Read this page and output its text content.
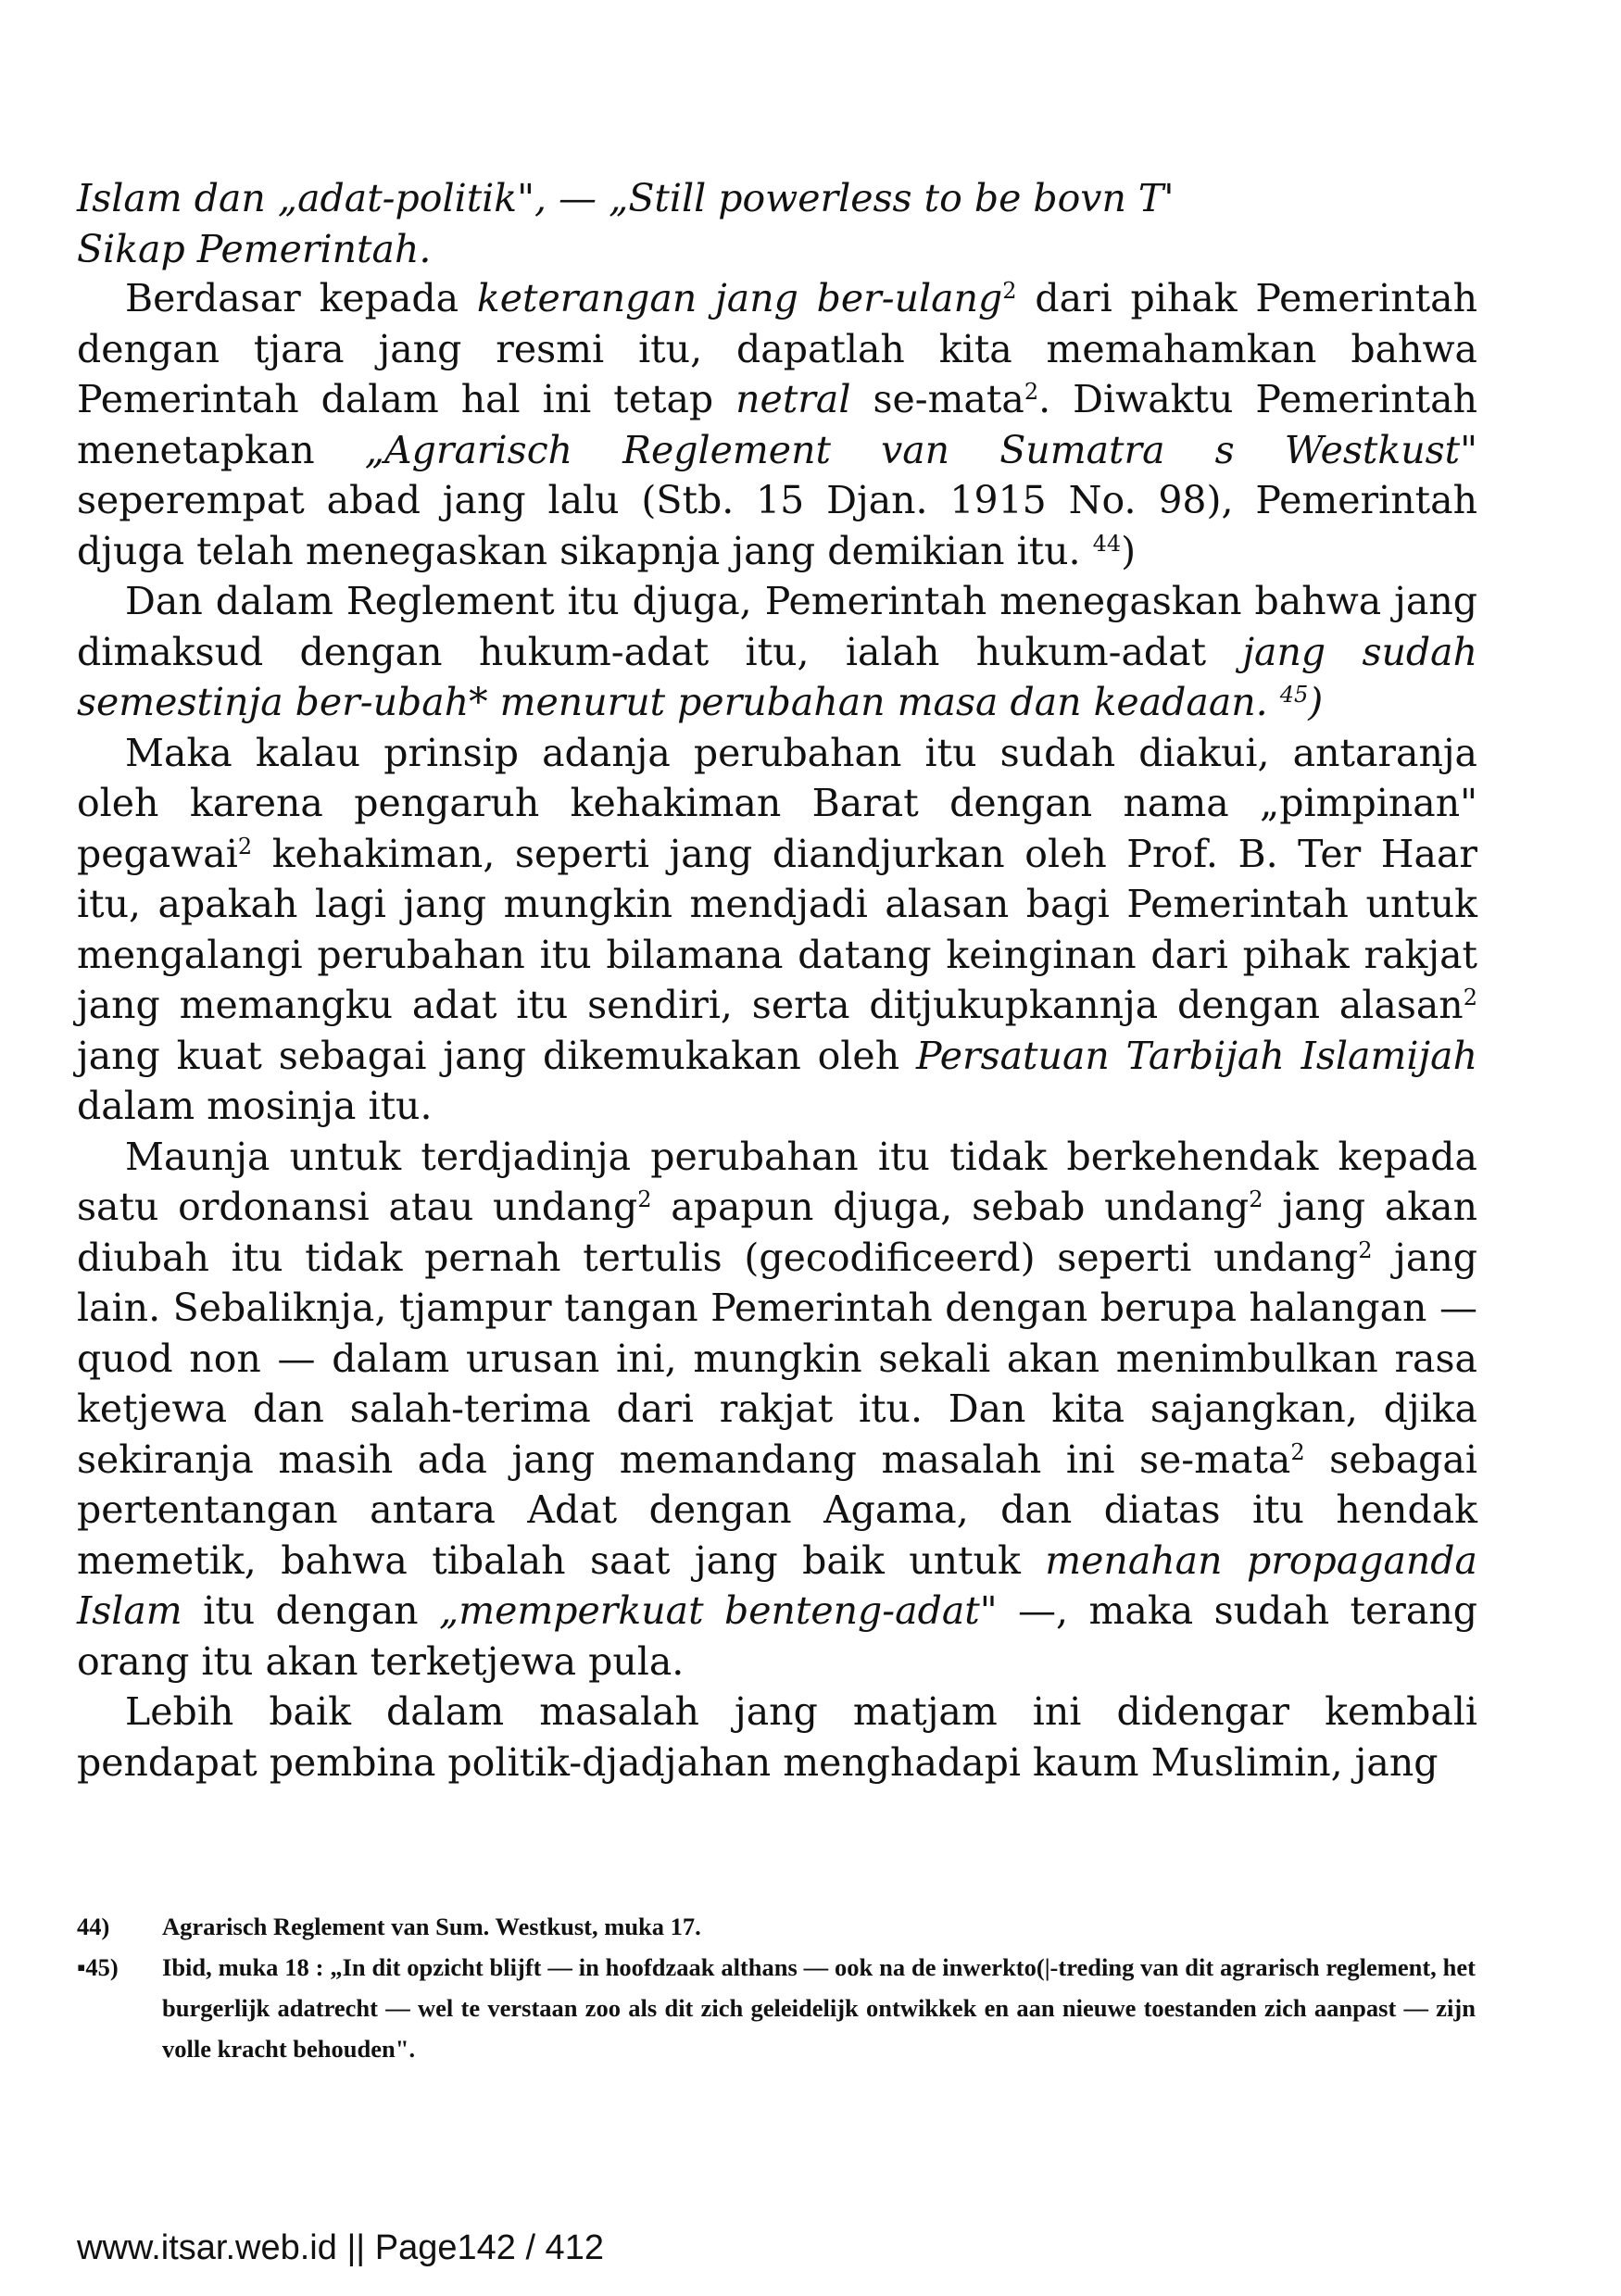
Islam dan „adat-politik", — „Still powerless to be bovn T'
Sikap Pemerintah.

Berdasar kepada keterangan jang ber-ulang$^2$ dari pihak Pemerintah dengan tjara jang resmi itu, dapatlah kita memahamkan bahwa Pemerintah dalam hal ini tetap netral se-mata$^2$. Diwaktu Pemerintah menetapkan „Agrarisch Reglement van Sumatra s Westkust" seperempat abad jang lalu (Stb. 15 Djan. 1915 No. 98), Pemerintah djuga telah menegaskan sikapnja jang demikian itu. $^{44}$)

Dan dalam Reglement itu djuga, Pemerintah menegaskan bahwa jang dimaksud dengan hukum-adat itu, ialah hukum-adat jang sudah semestinja ber-ubah* menurut perubahan masa dan keadaan. $^{45}$)

Maka kalau prinsip adanja perubahan itu sudah diakui, antaranja oleh karena pengaruh kehakiman Barat dengan nama „pimpinan" pegawai$^2$ kehakiman, seperti jang diandjurkan oleh Prof. B. Ter Haar itu, apakah lagi jang mungkin mendjadi alasan bagi Pemerintah untuk mengalangi perubahan itu bilamana datang keinginan dari pihak rakjat jang memangku adat itu sendiri, serta ditjukupkannja dengan alasan$^2$ jang kuat sebagai jang dikemukakan oleh Persatuan Tarbijah Islamijah dalam mosinja itu.

Maunja untuk terdjadinja perubahan itu tidak berkehendak kepada satu ordonansi atau undang$^2$ apapun djuga, sebab undang$^2$ jang akan diubah itu tidak pernah tertulis (gecodificeerd) seperti undang$^2$ jang lain. Sebaliknja, tjampur tangan Pemerintah dengan berupa halangan — quod non — dalam urusan ini, mungkin sekali akan menimbulkan rasa ketjewa dan salah-terima dari rakjat itu. Dan kita sajangkan, djika sekiranja masih ada jang memandang masalah ini se-mata$^2$ sebagai pertentangan antara Adat dengan Agama, dan diatas itu hendak memetik, bahwa tibalah saat jang baik untuk menahan propaganda Islam itu dengan „memperkuat benteng-adat" —, maka sudah terang orang itu akan terketjewa pula.

Lebih baik dalam masalah jang matjam ini didengar kembali pendapat pembina politik-djadjahan menghadapi kaum Muslimin, jang

44) Agrarisch Reglement van Sum. Westkust, muka 17.
▪45) Ibid, muka 18 : „In dit opzicht blijft — in hoofdzaak althans — ook na de inwerkto(|-treding van dit agrarisch reglement, het burgerlijk adatrecht — wel te verstaan zoo als dit zich geleidelijk ontwikkek en aan nieuwe toestanden zich aanpast — zijn volle kracht behouden".
www.itsar.web.id || Page142 / 412
